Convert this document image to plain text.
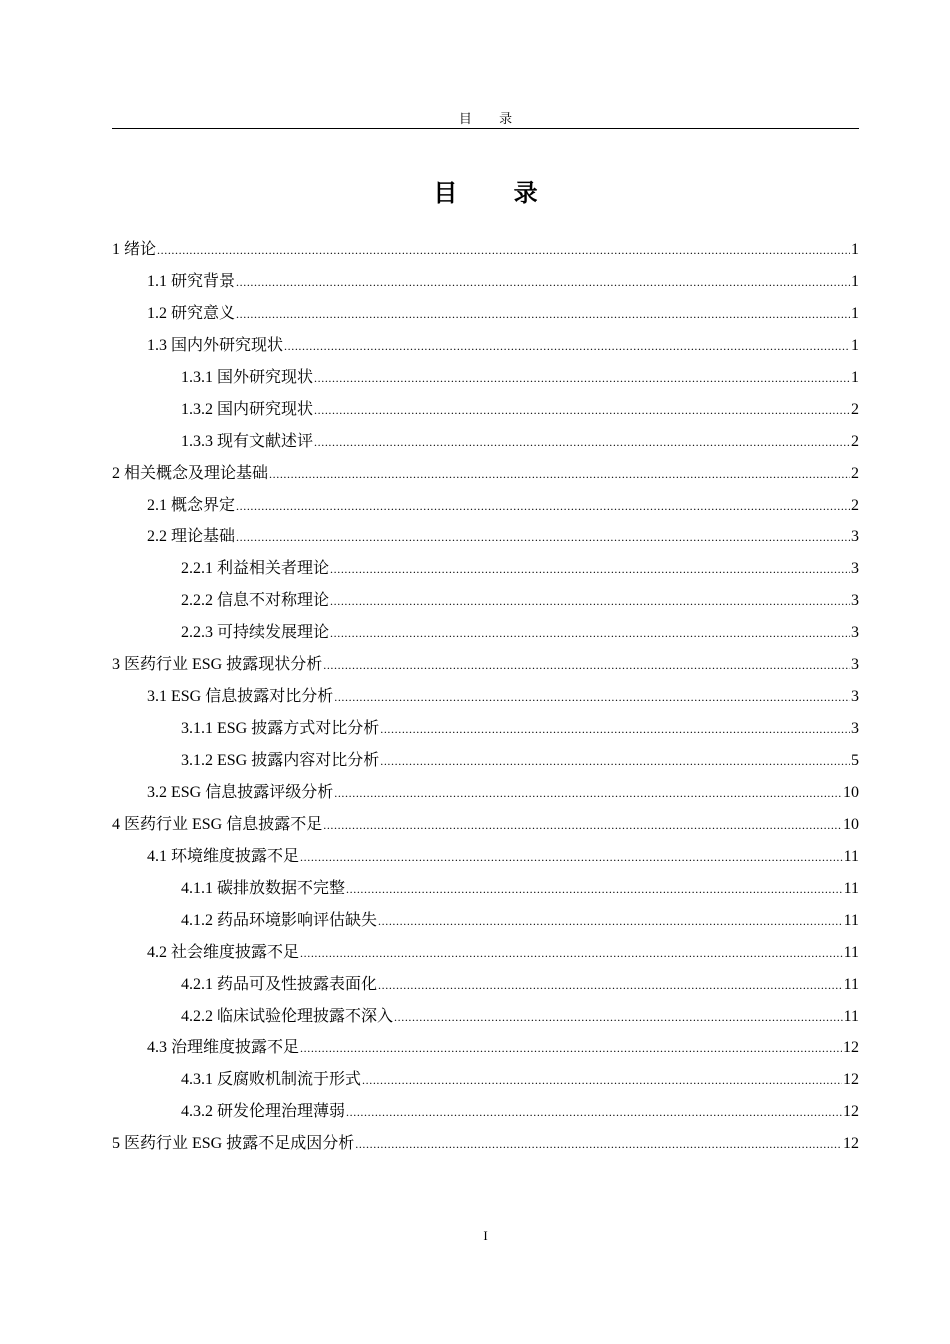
目 录
目 录
1 绪论 .....	1
1.1 研究背景 .....	1
1.2 研究意义 .....	1
1.3 国内外研究现状 .....	1
1.3.1 国外研究现状 .....	1
1.3.2 国内研究现状 .....	2
1.3.3 现有文献述评 .....	2
2 相关概念及理论基础 .....	2
2.1 概念界定 .....	2
2.2 理论基础 .....	3
2.2.1 利益相关者理论 .....	3
2.2.2 信息不对称理论 .....	3
2.2.3 可持续发展理论 .....	3
3 医药行业 ESG 披露现状分析 .....	3
3.1 ESG 信息披露对比分析 .....	3
3.1.1 ESG 披露方式对比分析 .....	3
3.1.2 ESG 披露内容对比分析 .....	5
3.2 ESG 信息披露评级分析 .....	10
4 医药行业 ESG 信息披露不足 .....	10
4.1 环境维度披露不足 .....	11
4.1.1 碳排放数据不完整 .....	11
4.1.2 药品环境影响评估缺失 .....	11
4.2 社会维度披露不足 .....	11
4.2.1 药品可及性披露表面化 .....	11
4.2.2 临床试验伦理披露不深入 .....	11
4.3 治理维度披露不足 .....	12
4.3.1 反腐败机制流于形式 .....	12
4.3.2 研发伦理治理薄弱 .....	12
5 医药行业 ESG 披露不足成因分析 .....	12
I
